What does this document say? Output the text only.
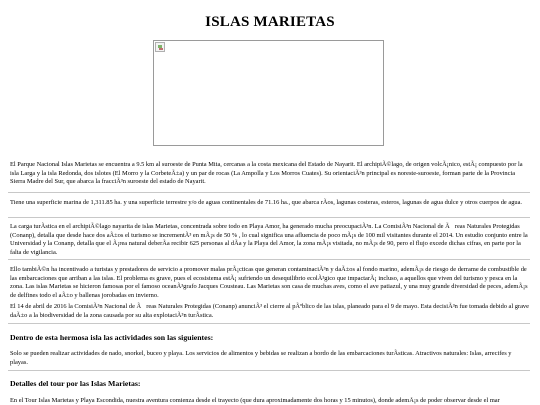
ISLAS MARIETAS

El Parque Nacional Islas Marietas se encuentra a 9.5 km al suroeste de Punta Mita, cercanas a la costa mexicana del Estado de Nayarit. El archipiÃ©lago, de origen volcÃ¡nico, estÃ¡ compuesto por la isla Larga y la isla Redonda, dos islotes (El Morro y la CorbeteÃ±a) y un par de rocas (La Ampolla y Los Morros Cuates). Su orientaciÃ³n principal es noreste-suroeste, forman parte de la Provincia Sierra Madre del Sur, que abarca la fracciÃ³n suroeste del estado de Nayarit.

Tiene una superficie marina de 1,311.85 ha. y una superficie terrestre y/o de aguas continentales de 71.16 ha., que abarca rÃos, lagunas costeras, esteros, lagunas de agua dulce y otros cuerpos de agua.

La carga turÃstica en el archipiÃ©lago nayarita de islas Marietas, concentrada sobre todo en Playa Amor, ha generado mucha preocupaciÃ³n. La ComisiÃ³n Nacional de Ãreas Naturales Protegidas (Conanp), detalla que desde hace dos aÃ±os el turismo se incrementÃ³ en mÃ¡s de 50 % , lo cual significa una afluencia de poco mÃ¡s de 100 mil visitantes durante el 2014. Un estudio conjunto entre la Universidad y la Conanp, detalla que el Ã¡rea natural deberÃa recibir 625 personas al dÃa y la Playa del Amor, la zona mÃ¡s visitada, no mÃ¡s de 90, pero el flujo excede dichas cifras, en parte por la falta de vigilancia.

Ello tambiÃ©n ha incentivado a turistas y prestadores de servicio a promover malas prÃ¡cticas que generan contaminaciÃ³n y daÃ±os al fondo marino, ademÃ¡s de riesgo de derrame de combustible de las embarcaciones que arriban a las islas. El problema es grave, pues el ecosistema estÃ¡ sufriendo un desequilibrio ecolÃ³gico que impactarÃ¡ incluso, a aquellos que viven del turismo y pesca en la zona. Las islas Marietas se hicieron famosas por el famoso oceanÃ³grafo Jacques Cousteau. Las Marietas son casa de muchas aves, como el ave patiazul, y una muy grande diversidad de peces, ademÃ¡s de delfines todo el aÃ±o y ballenas jorobadas en invierno.

El 14 de abril de 2016 la ComisiÃ³n Nacional de Ãreas Naturales Protegidas (Conanp) anunciÃ³ el cierre al pÃºblico de las islas, planeado para el 9 de mayo. Esta decisiÃ³n fue tomada debido al grave daÃ±o a la biodiversidad de la zona causada por su alta explotaciÃ³n turÃstica.

Dentro de esta hermosa isla las actividades son las siguientes:

Solo se pueden realizar actividades de nado, snorkel, buceo y playa. Los servicios de alimentos y bebidas se realizan a bordo de las embarcaciones turÃsticas. Atractivos naturales: Islas, arrecifes y playas.

Detalles del tour por las Islas Marietas:

En el Tour Islas Marietas y Playa Escondida, nuestra aventura comienza desde el trayecto (que dura aproximadamente dos horas y 15 minutos), donde ademÃ¡s de poder observar desde el mar
